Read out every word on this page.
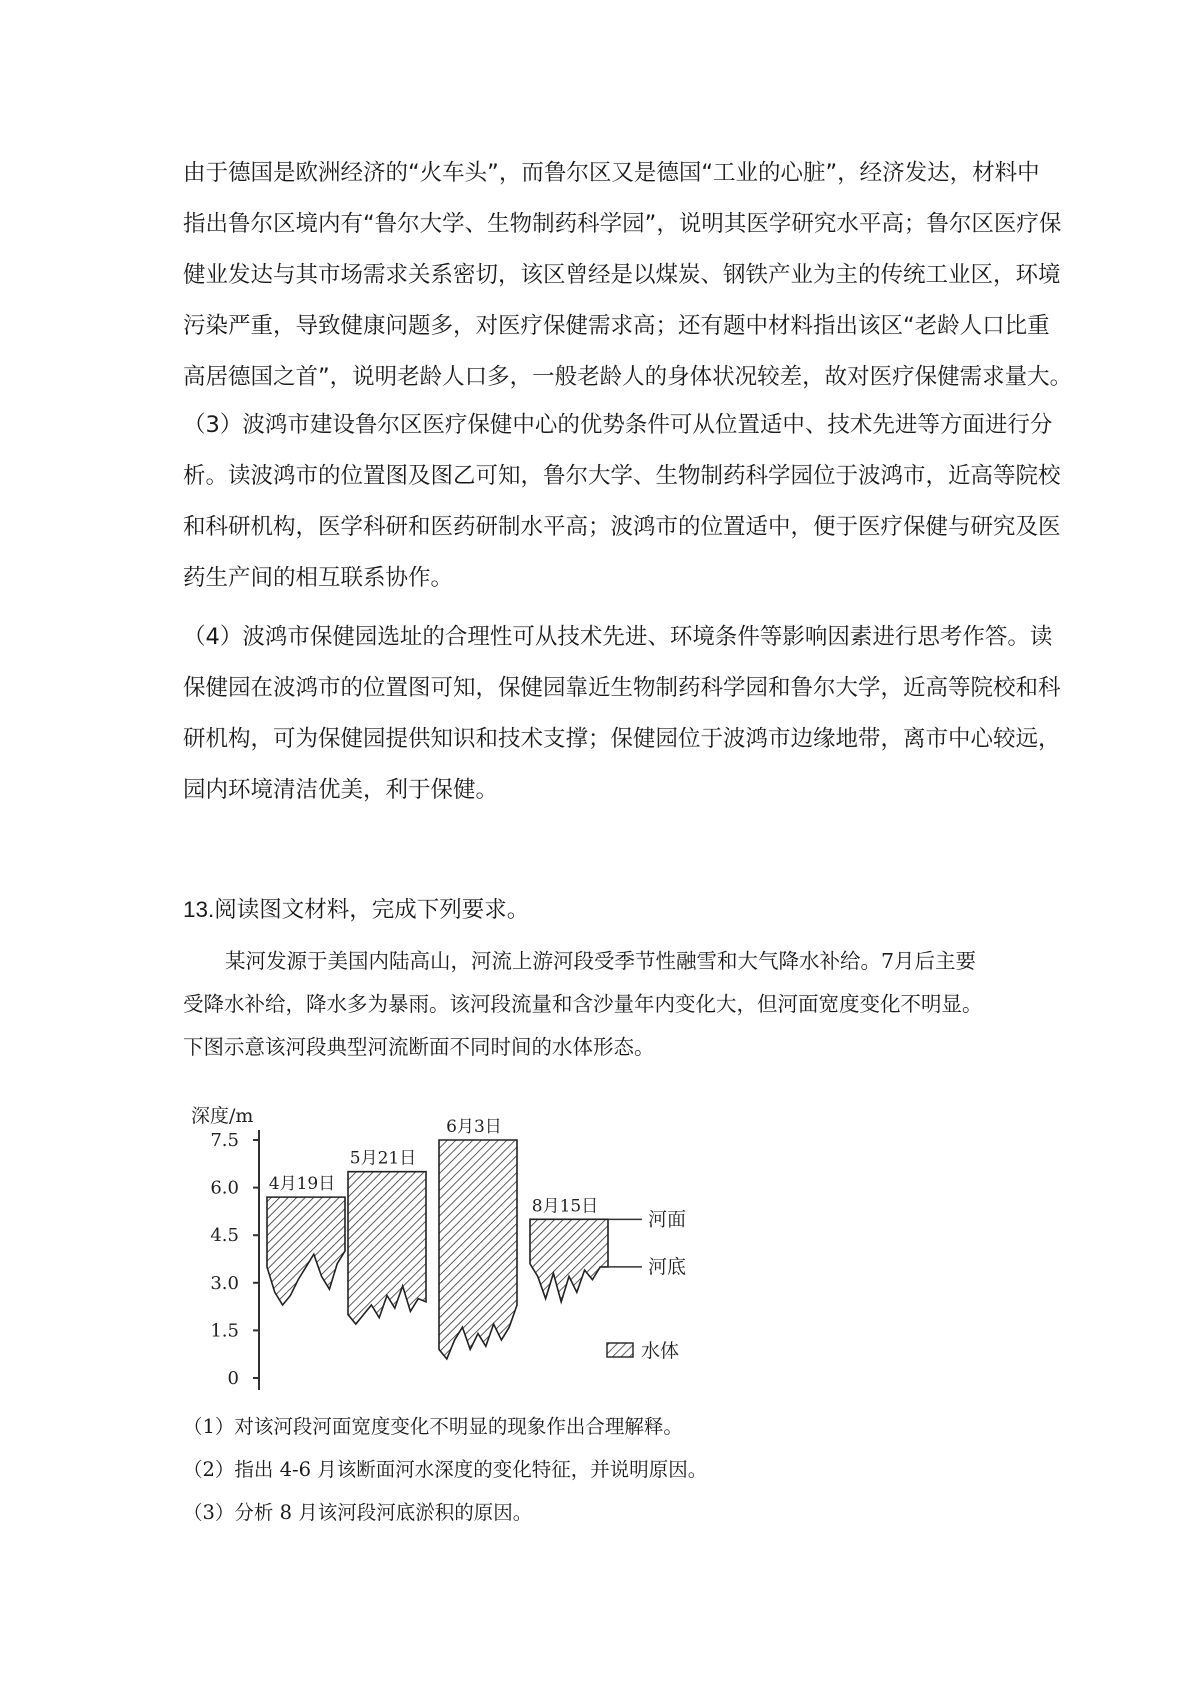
由于德国是欧洲经济的“火车头”，而鲁尔区又是德国“工业的心脏”，经济发达，材料中
指出鲁尔区境内有“鲁尔大学、生物制药科学园”，说明其医学研究水平高；鲁尔区医疗保
健业发达与其市场需求关系密切，该区曾经是以煤炭、钢铁产业为主的传统工业区，环境
污染严重，导致健康问题多，对医疗保健需求高；还有题中材料指出该区“老龄人口比重
高居德国之首”，说明老龄人口多，一般老龄人的身体状况较差，故对医疗保健需求量大。
（3）波鸿市建设鲁尔区医疗保健中心的优势条件可从位置适中、技术先进等方面进行分
析。读波鸿市的位置图及图乙可知，鲁尔大学、生物制药科学园位于波鸿市，近高等院校
和科研机构，医学科研和医药研制水平高；波鸿市的位置适中，便于医疗保健与研究及医
药生产间的相互联系协作。
（4）波鸿市保健园选址的合理性可从技术先进、环境条件等影响因素进行思考作答。读
保健园在波鸿市的位置图可知，保健园靠近生物制药科学园和鲁尔大学，近高等院校和科
研机构，可为保健园提供知识和技术支撑；保健园位于波鸿市边缘地带，离市中心较远，
园内环境清洁优美，利于保健。
13.阅读图文材料，完成下列要求。
某河发源于美国内陆高山，河流上游河段受季节性融雪和大气降水补给。7月后主要
受降水补给，降水多为暴雨。该河段流量和含沙量年内变化大，但河面宽度变化不明显。
下图示意该河段典型河流断面不同时间的水体形态。
深度/m
7.5
6.0
4.5
3.0
1.5
0
4月19日
5月21日
6月3日
8月15日
河面
河底
水体
（1）对该河段河面宽度变化不明显的现象作出合理解释。
（2）指出 4-6 月该断面河水深度的变化特征，并说明原因。
（3）分析 8 月该河段河底淤积的原因。
